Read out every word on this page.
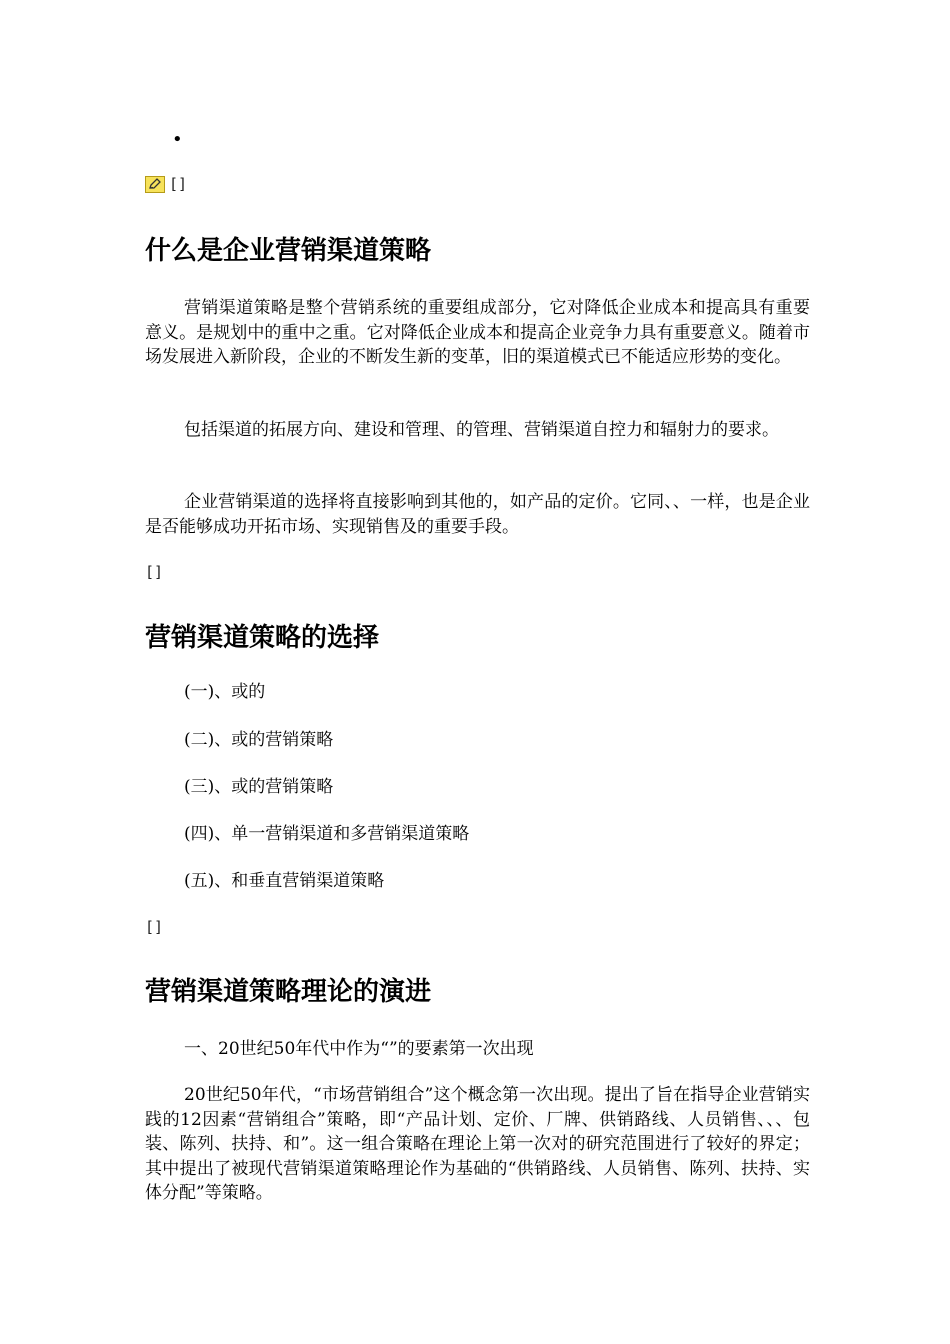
•
[]
什么是企业营销渠道策略

营销渠道策略是整个营销系统的重要组成部分，它对降低企业成本和提高具有重要意义。是规划中的重中之重。它对降低企业成本和提高企业竞争力具有重要意义。随着市场发展进入新阶段，企业的不断发生新的变革，旧的渠道模式已不能适应形势的变化。

包括渠道的拓展方向、建设和管理、的管理、营销渠道自控力和辐射力的要求。

企业营销渠道的选择将直接影响到其他的，如产品的定价。它同、、一样，也是企业是否能够成功开拓市场、实现销售及的重要手段。

[]
营销渠道策略的选择

(一)、或的

(二)、或的营销策略

(三)、或的营销策略

(四)、单一营销渠道和多营销渠道策略

(五)、和垂直营销渠道策略

[]
营销渠道策略理论的演进

一、20世纪50年代中作为“”的要素第一次出现

20世纪50年代，“市场营销组合”这个概念第一次出现。提出了旨在指导企业营销实践的12因素“营销组合”策略，即“产品计划、定价、厂牌、供销路线、人员销售、、、包装、陈列、扶持、和”。这一组合策略在理论上第一次对的研究范围进行了较好的界定；其中提出了被现代营销渠道策略理论作为基础的“供销路线、人员销售、陈列、扶持、实体分配”等策略。
